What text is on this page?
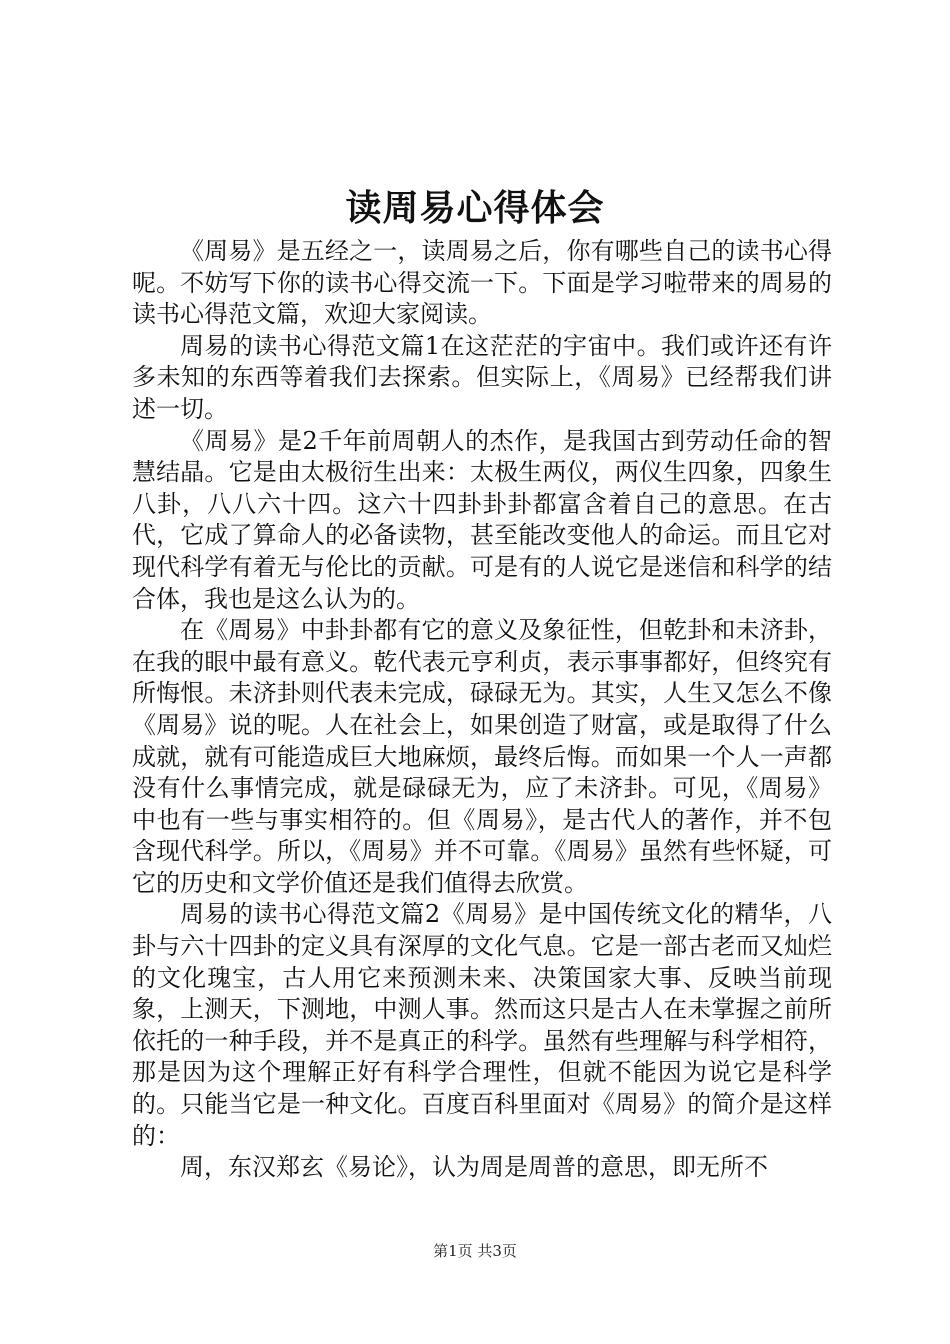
读周易心得体会

《周易》是五经之一，读周易之后，你有哪些自己的读书心得呢。不妨写下你的读书心得交流一下。下面是学习啦带来的周易的读书心得范文篇，欢迎大家阅读。

周易的读书心得范文篇1在这茫茫的宇宙中。我们或许还有许多未知的东西等着我们去探索。但实际上，《周易》已经帮我们讲述一切。

《周易》是2千年前周朝人的杰作，是我国古到劳动任命的智慧结晶。它是由太极衍生出来：太极生两仪，两仪生四象，四象生八卦，八八六十四。这六十四卦卦卦都富含着自己的意思。在古代，它成了算命人的必备读物，甚至能改变他人的命运。而且它对现代科学有着无与伦比的贡献。可是有的人说它是迷信和科学的结合体，我也是这么认为的。

在《周易》中卦卦都有它的意义及象征性，但乾卦和未济卦，在我的眼中最有意义。乾代表元亨利贞，表示事事都好，但终究有所悔恨。未济卦则代表未完成，碌碌无为。其实，人生又怎么不像《周易》说的呢。人在社会上，如果创造了财富，或是取得了什么成就，就有可能造成巨大地麻烦，最终后悔。而如果一个人一声都没有什么事情完成，就是碌碌无为，应了未济卦。可见，《周易》中也有一些与事实相符的。但《周易》，是古代人的著作，并不包含现代科学。所以，《周易》并不可靠。《周易》虽然有些怀疑，可它的历史和文学价值还是我们值得去欣赏。

周易的读书心得范文篇2《周易》是中国传统文化的精华，八卦与六十四卦的定义具有深厚的文化气息。它是一部古老而又灿烂的文化瑰宝，古人用它来预测未来、决策国家大事、反映当前现象，上测天，下测地，中测人事。然而这只是古人在未掌握之前所依托的一种手段，并不是真正的科学。虽然有些理解与科学相符，那是因为这个理解正好有科学合理性，但就不能因为说它是科学的。只能当它是一种文化。百度百科里面对《周易》的简介是这样的：

周，东汉郑玄《易论》，认为周是周普的意思，即无所不

第1页 共3页
